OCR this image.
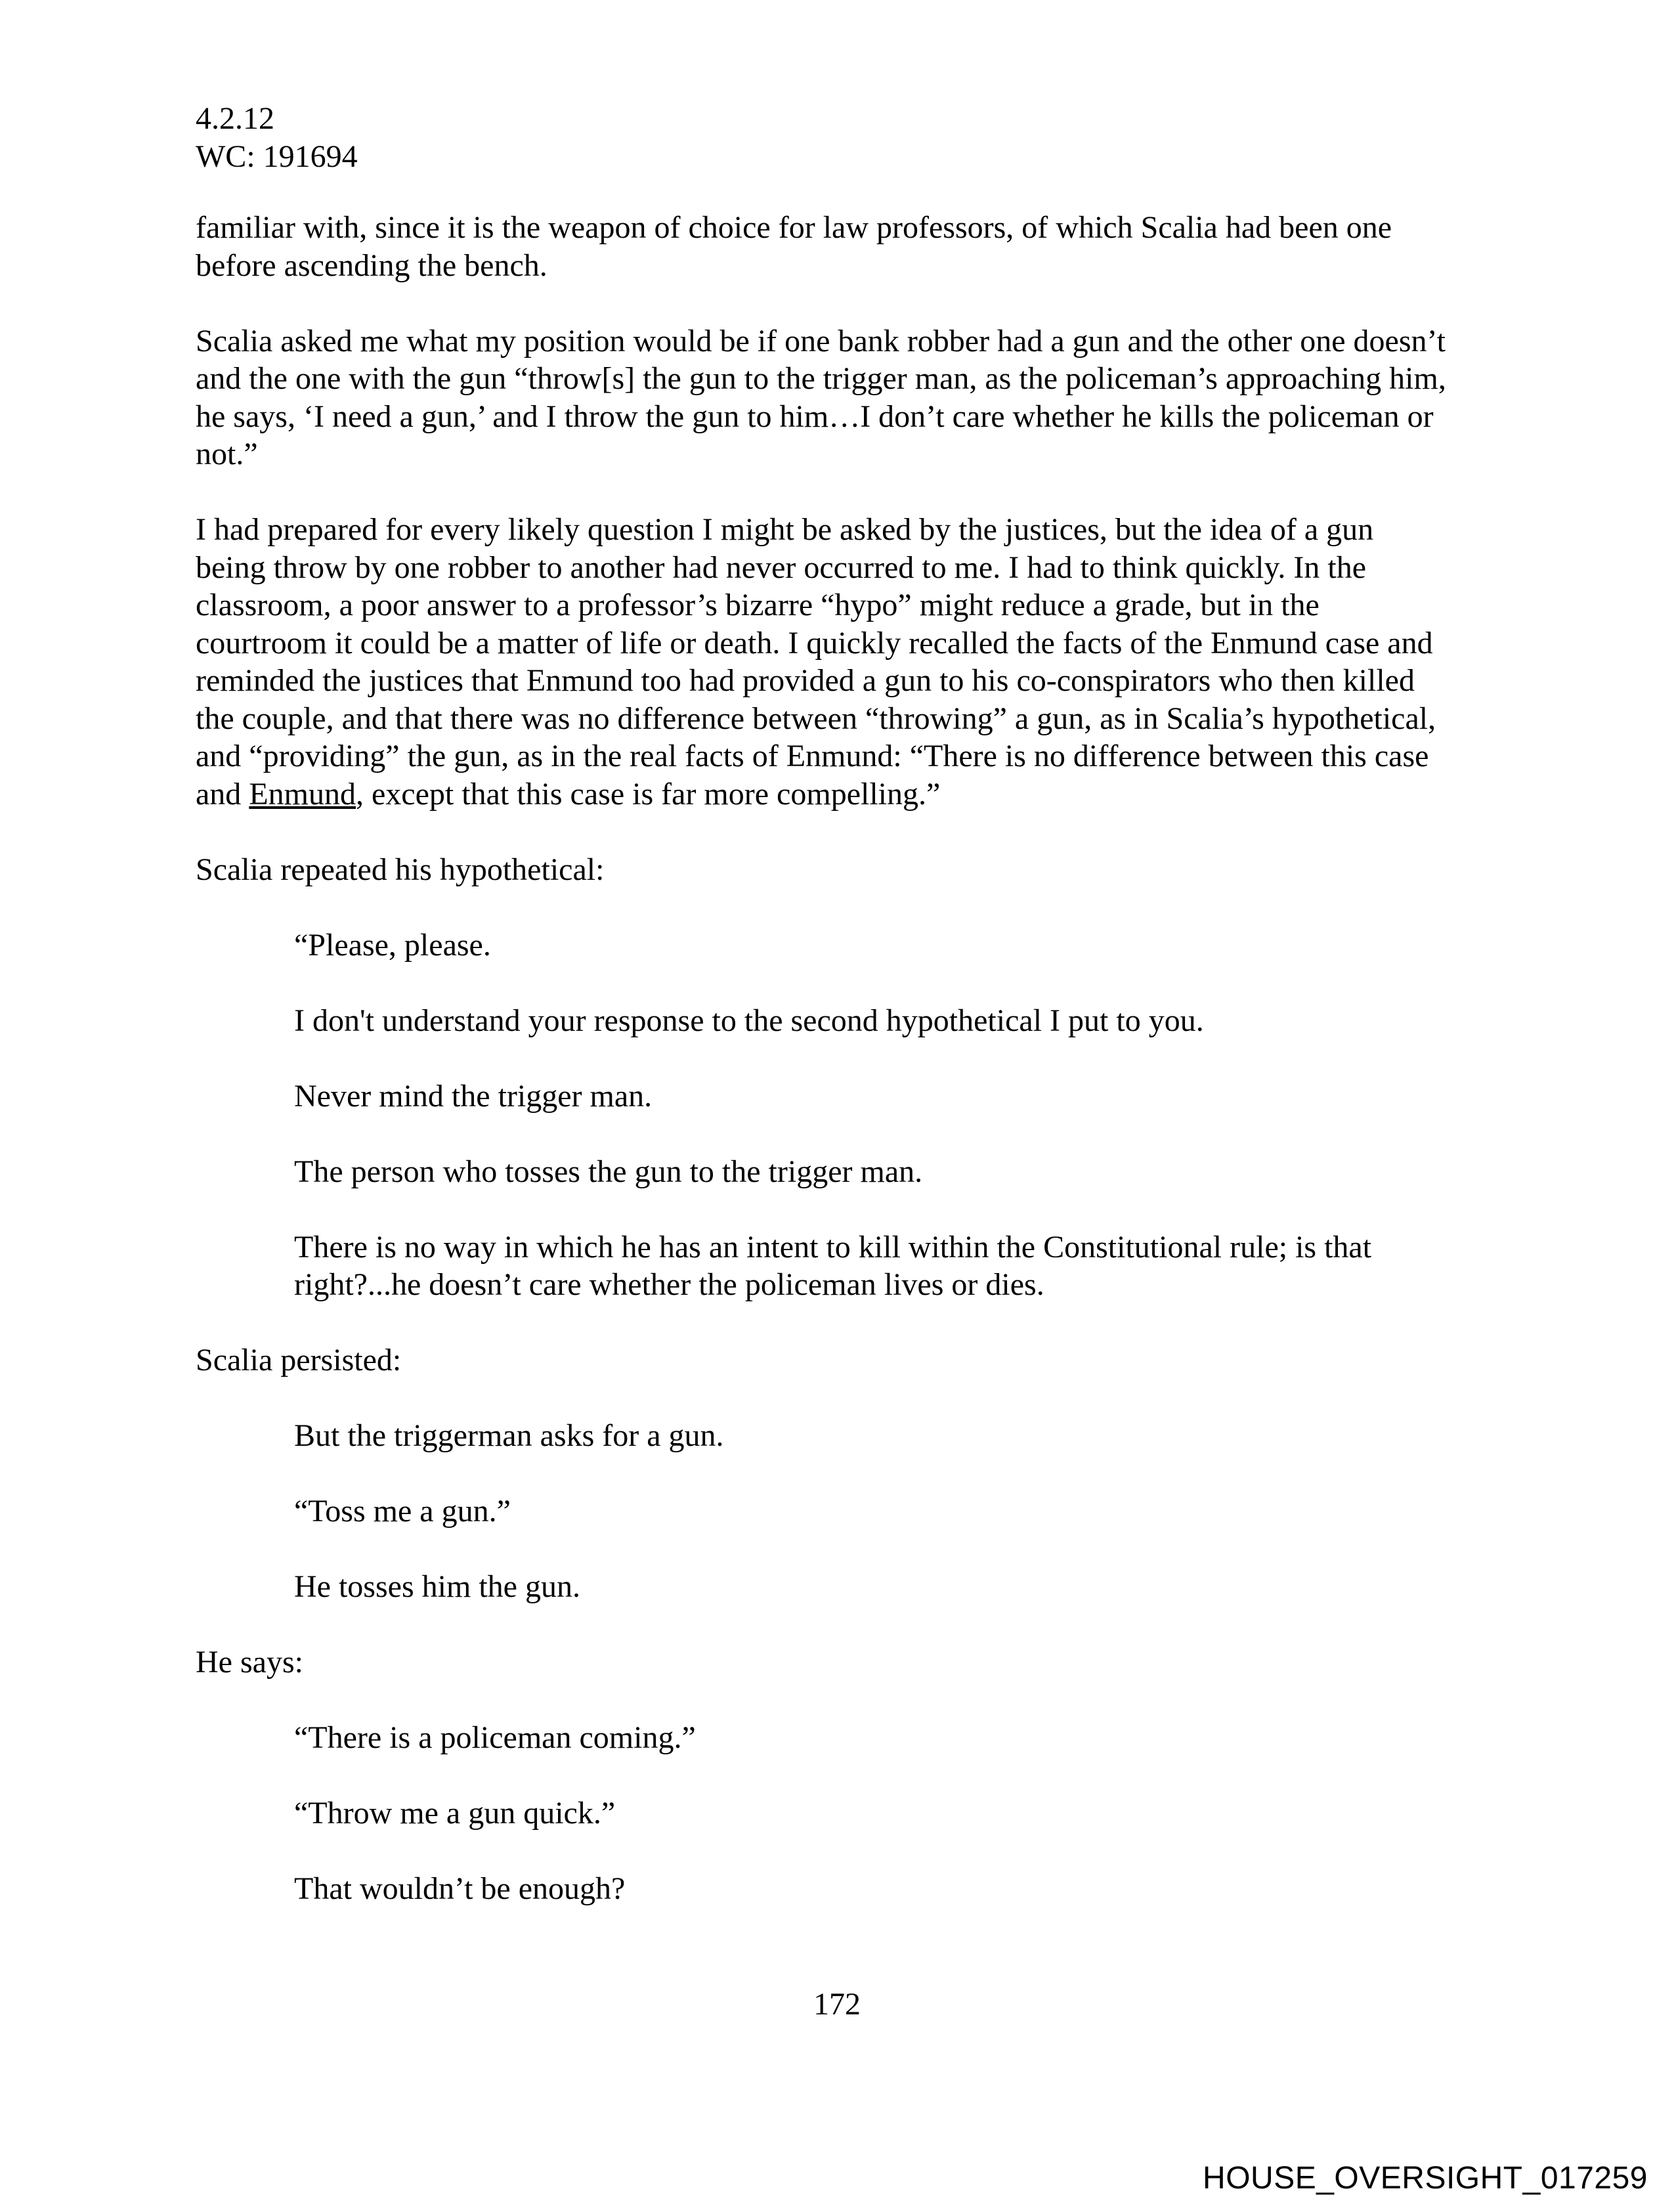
4.2.12
WC: 191694

familiar with, since it is the weapon of choice for law professors, of which Scalia had been one before ascending the bench.

Scalia asked me what my position would be if one bank robber had a gun and the other one doesn’t and the one with the gun “throw[s] the gun to the trigger man, as the policeman’s approaching him, he says, ‘I need a gun,’ and I throw the gun to him…I don’t care whether he kills the policeman or not.”

I had prepared for every likely question I might be asked by the justices, but the idea of a gun being throw by one robber to another had never occurred to me. I had to think quickly. In the classroom, a poor answer to a professor’s bizarre “hypo” might reduce a grade, but in the courtroom it could be a matter of life or death. I quickly recalled the facts of the Enmund case and reminded the justices that Enmund too had provided a gun to his co-conspirators who then killed the couple, and that there was no difference between “throwing” a gun, as in Scalia’s hypothetical, and “providing” the gun, as in the real facts of Enmund: “There is no difference between this case and Enmund, except that this case is far more compelling.”

Scalia repeated his hypothetical:

“Please, please.

I don't understand your response to the second hypothetical I put to you.

Never mind the trigger man.

The person who tosses the gun to the trigger man.

There is no way in which he has an intent to kill within the Constitutional rule; is that right?...he doesn’t care whether the policeman lives or dies.

Scalia persisted:

But the triggerman asks for a gun.

“Toss me a gun.”

He tosses him the gun.

He says:

“There is a policeman coming.”

“Throw me a gun quick.”

That wouldn’t be enough?

172
HOUSE_OVERSIGHT_017259
